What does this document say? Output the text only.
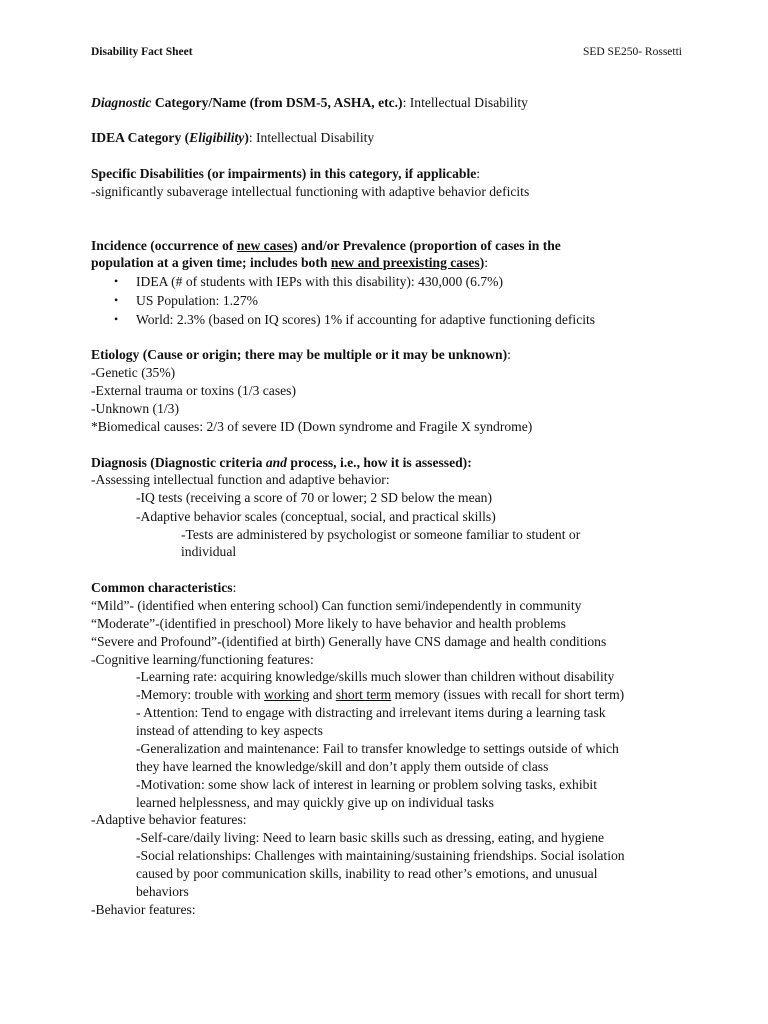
Disability Fact Sheet	SED SE250- Rossetti
Diagnostic Category/Name (from DSM-5, ASHA, etc.): Intellectual Disability
IDEA Category (Eligibility): Intellectual Disability
Specific Disabilities (or impairments) in this category, if applicable:
-significantly subaverage intellectual functioning with adaptive behavior deficits
Incidence (occurrence of new cases) and/or Prevalence (proportion of cases in the
population at a given time; includes both new and preexisting cases):
• IDEA (# of students with IEPs with this disability): 430,000 (6.7%)
• US Population: 1.27%
• World: 2.3% (based on IQ scores) 1% if accounting for adaptive functioning deficits
Etiology (Cause or origin; there may be multiple or it may be unknown):
-Genetic (35%)
-External trauma or toxins (1/3 cases)
-Unknown (1/3)
*Biomedical causes: 2/3 of severe ID (Down syndrome and Fragile X syndrome)
Diagnosis (Diagnostic criteria and process, i.e., how it is assessed):
-Assessing intellectual function and adaptive behavior:
-IQ tests (receiving a score of 70 or lower; 2 SD below the mean)
-Adaptive behavior scales (conceptual, social, and practical skills)
-Tests are administered by psychologist or someone familiar to student or
individual
Common characteristics:
“Mild”- (identified when entering school) Can function semi/independently in community
“Moderate”-(identified in preschool) More likely to have behavior and health problems
“Severe and Profound”-(identified at birth) Generally have CNS damage and health conditions
-Cognitive learning/functioning features:
-Learning rate: acquiring knowledge/skills much slower than children without disability
-Memory: trouble with working and short term memory (issues with recall for short term)
- Attention: Tend to engage with distracting and irrelevant items during a learning task
instead of attending to key aspects
-Generalization and maintenance: Fail to transfer knowledge to settings outside of which
they have learned the knowledge/skill and don’t apply them outside of class
-Motivation: some show lack of interest in learning or problem solving tasks, exhibit
learned helplessness, and may quickly give up on individual tasks
-Adaptive behavior features:
-Self-care/daily living: Need to learn basic skills such as dressing, eating, and hygiene
-Social relationships: Challenges with maintaining/sustaining friendships. Social isolation
caused by poor communication skills, inability to read other’s emotions, and unusual
behaviors
-Behavior features:
